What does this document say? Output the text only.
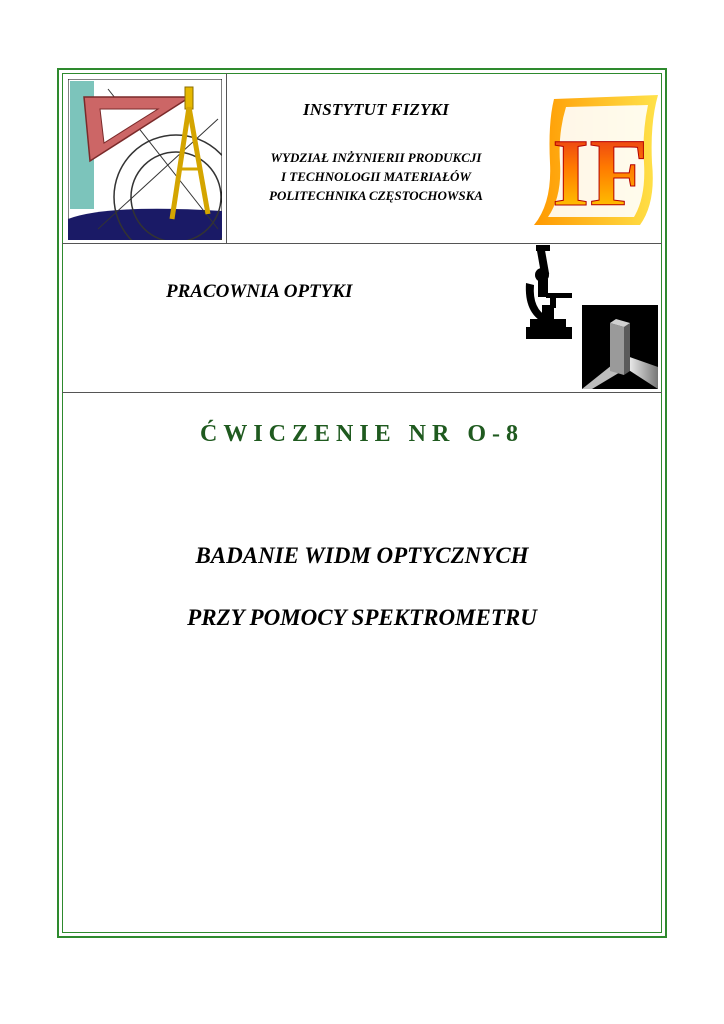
INSTYTUT FIZYKI
WYDZIAŁ INŻYNIERII PRODUKCJI
I TECHNOLOGII MATERIAŁÓW
POLITECHNIKA CZĘSTOCHOWSKA IF
PRACOWNIA OPTYKI
ĆWICZENIE NR O-8
BADANIE WIDM OPTYCZNYCH
PRZY POMOCY SPEKTROMETRU
